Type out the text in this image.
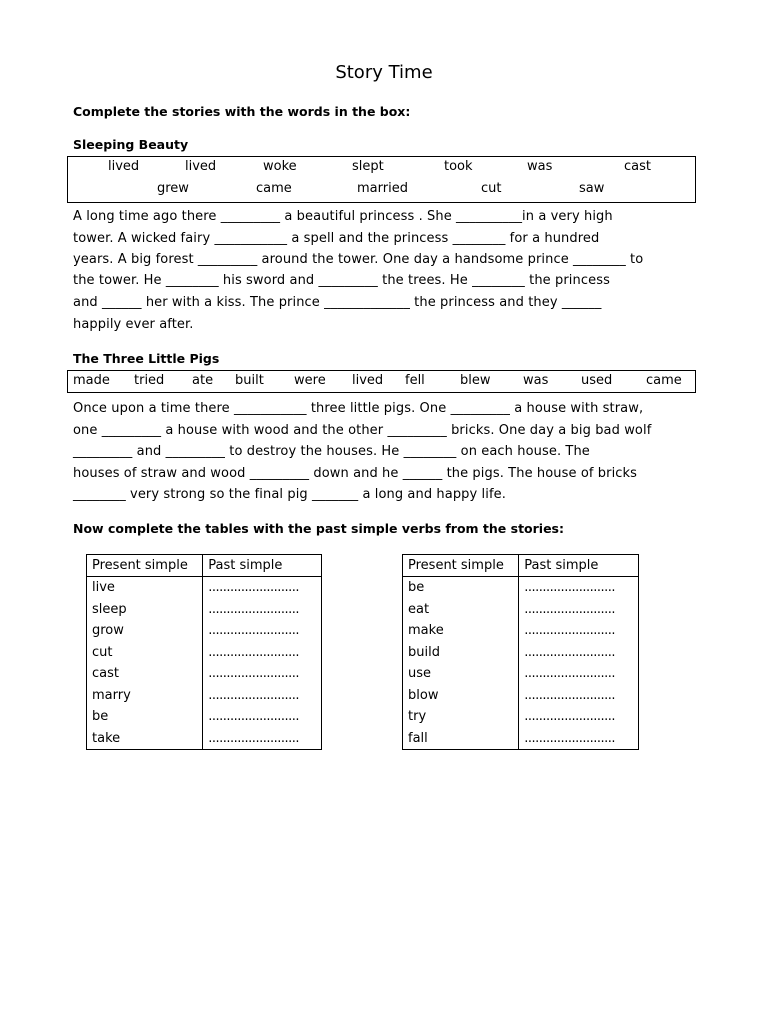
Story Time
Complete the stories with the words in the box:
Sleeping Beauty
lived	lived	woke	slept	took	was	cast
grew	came	married	cut	saw
A long time ago there _________ a beautiful princess . She __________in a very high
tower. A wicked fairy ___________ a spell and the princess ________ for a hundred
years. A big forest _________ around the tower. One day a handsome prince ________ to
the tower. He ________ his sword and _________ the trees. He ________ the princess
and ______ her with a kiss. The prince _____________ the princess and they ______
happily ever after.
The Three Little Pigs
made tried ate built were lived fell	blew	was	used	came
Once upon a time there ___________ three little pigs. One _________ a house with straw,
one _________ a house with wood and the other _________ bricks. One day a big bad wolf
_________ and _________ to destroy the houses. He ________ on each house. The
houses of straw and wood _________ down and he ______ the pigs. The house of bricks
________ very strong so the final pig _______ a long and happy life.
Now complete the tables with the past simple verbs from the stories:
Present simple	Past simple
live	.........................
sleep	.........................
grow	.........................
cut	.........................
cast	.........................
marry	.........................
be	.........................
take	.........................
Present simple	Past simple
be	.........................
eat	.........................
make	.........................
build	.........................
use	.........................
blow	.........................
try	.........................
fall	.........................
